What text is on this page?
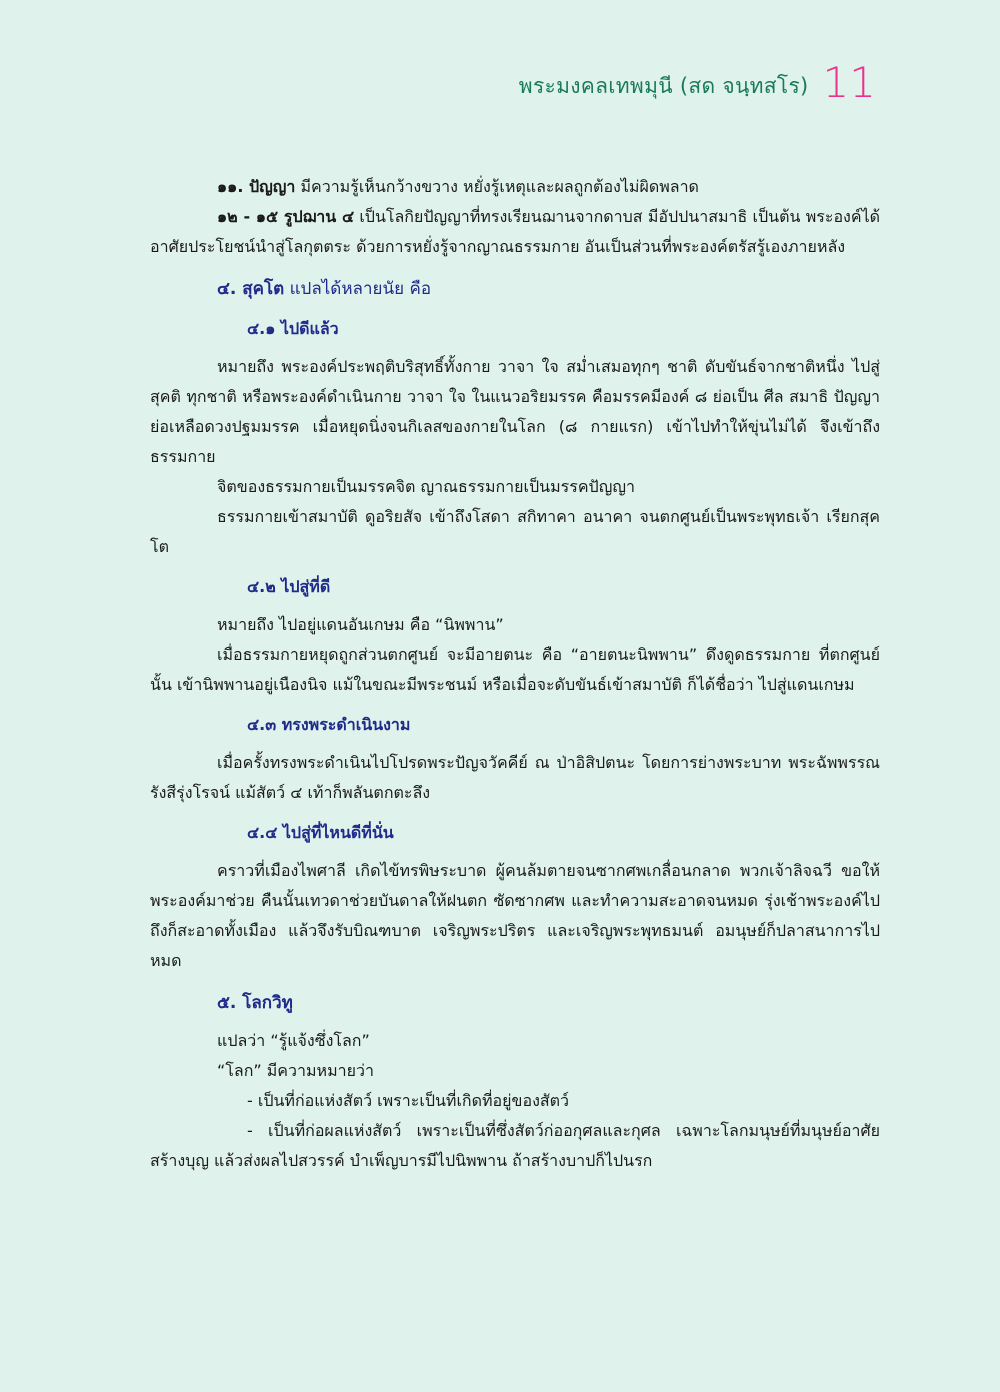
พระมงคลเทพมุนี (สด จนฺทสโร) 11

๑๑. ปัญญา มีความรู้เห็นกว้างขวาง หยั่งรู้เหตุและผลถูกต้องไม่ผิดพลาด

๑๒ - ๑๕ รูปฌาน ๔ เป็นโลกิยปัญญาที่ทรงเรียนฌานจากดาบส มีอัปปนาสมาธิ เป็นต้น พระองค์ได้อาศัยประโยชน์นำสู่โลกุตตระ ด้วยการหยั่งรู้จากญาณธรรมกาย อันเป็นส่วนที่พระองค์ตรัสรู้เองภายหลัง

๔. สุคโต แปลได้หลายนัย คือ

๔.๑ ไปดีแล้ว

หมายถึง พระองค์ประพฤติบริสุทธิ์ทั้งกาย วาจา ใจ สม่ำเสมอทุกๆ ชาติ ดับขันธ์จากชาติหนึ่ง ไปสู่สุคติ ทุกชาติ หรือพระองค์ดำเนินกาย วาจา ใจ ในแนวอริยมรรค คือมรรคมีองค์ ๘ ย่อเป็น ศีล สมาธิ ปัญญา ย่อเหลือดวงปฐมมรรค เมื่อหยุดนิ่งจนกิเลสของกายในโลก (๘ กายแรก) เข้าไปทำให้ขุ่นไม่ได้ จึงเข้าถึงธรรมกาย

จิตของธรรมกายเป็นมรรคจิต ญาณธรรมกายเป็นมรรคปัญญา

ธรรมกายเข้าสมาบัติ ดูอริยสัจ เข้าถึงโสดา สกิทาคา อนาคา จนตกศูนย์เป็นพระพุทธเจ้า เรียกสุคโต

๔.๒ ไปสู่ที่ดี

หมายถึง ไปอยู่แดนอันเกษม คือ “นิพพาน”

เมื่อธรรมกายหยุดถูกส่วนตกศูนย์ จะมีอายตนะ คือ “อายตนะนิพพาน” ดึงดูดธรรมกาย ที่ตกศูนย์นั้น เข้านิพพานอยู่เนืองนิจ แม้ในขณะมีพระชนม์ หรือเมื่อจะดับขันธ์เข้าสมาบัติ ก็ได้ชื่อว่า ไปสู่แดนเกษม

๔.๓ ทรงพระดำเนินงาม

เมื่อครั้งทรงพระดำเนินไปโปรดพระปัญจวัคคีย์ ณ ป่าอิสิปตนะ โดยการย่างพระบาท พระฉัพพรรณรังสีรุ่งโรจน์ แม้สัตว์ ๔ เท้าก็พลันตกตะลึง

๔.๔ ไปสู่ที่ไหนดีที่นั่น

คราวที่เมืองไพศาลี เกิดไข้ทรพิษระบาด ผู้คนล้มตายจนซากศพเกลื่อนกลาด พวกเจ้าลิจฉวี ขอให้พระองค์มาช่วย คืนนั้นเทวดาช่วยบันดาลให้ฝนตก ซัดซากศพ และทำความสะอาดจนหมด รุ่งเช้าพระองค์ไปถึงก็สะอาดทั้งเมือง แล้วจึงรับบิณฑบาต เจริญพระปริตร และเจริญพระพุทธมนต์ อมนุษย์ก็ปลาสนาการไปหมด

๕. โลกวิทู

แปลว่า “รู้แจ้งซึ่งโลก”

“โลก” มีความหมายว่า

- เป็นที่ก่อแห่งสัตว์ เพราะเป็นที่เกิดที่อยู่ของสัตว์

- เป็นที่ก่อผลแห่งสัตว์ เพราะเป็นที่ซึ่งสัตว์ก่ออกุศลและกุศล เฉพาะโลกมนุษย์ที่มนุษย์อาศัยสร้างบุญ แล้วส่งผลไปสวรรค์ บำเพ็ญบารมีไปนิพพาน ถ้าสร้างบาปก็ไปนรก
